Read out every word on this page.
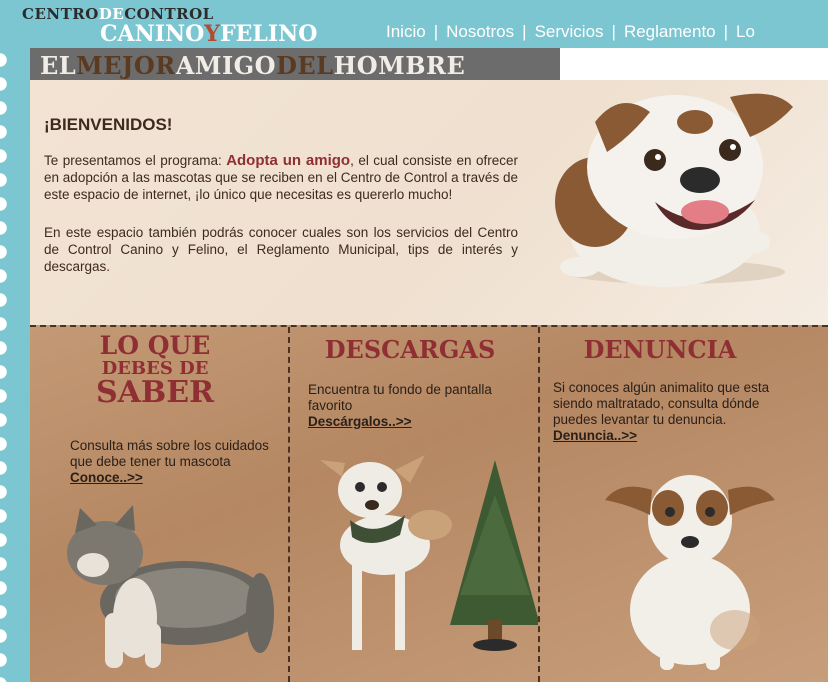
CENTRODECONTROL
CANINOYFELINO	Inicio | Nosotros | Servicios | Reglamento | Lo
ELMEJORAMIGODELHOMBRE
¡BIENVENIDOS!

Te presentamos el programa: Adopta un amigo, el cual consiste en ofrecer en adopción a las mascotas que se reciben en el Centro de Control a través de este espacio de internet, ¡lo único que necesitas es quererlo mucho!

En este espacio también podrás conocer cuales son los servicios del Centro de Control Canino y Felino, el Reglamento Municipal, tips de interés y descargas.

LO QUE
DEBES DE
SABER

Consulta más sobre los cuidados que debe tener tu mascota
Conoce..>>

DESCARGAS

Encuentra tu fondo de pantalla favorito
Descárgalos..>>

DENUNCIA

Si conoces algún animalito que esta siendo maltratado, consulta dónde puedes levantar tu denuncia.
Denuncia..>>
